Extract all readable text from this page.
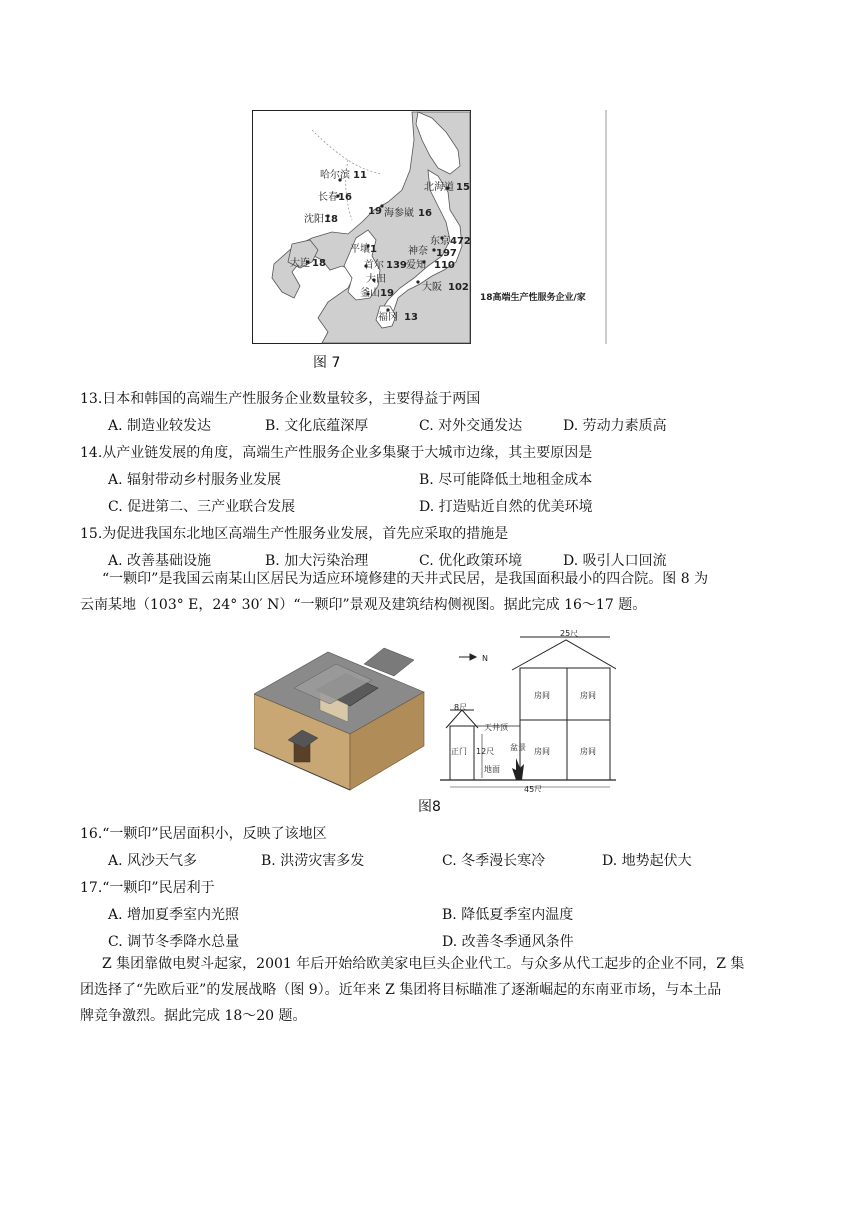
哈尔滨 11
长春 16
沈阳 18
大连 18
平壤 1
首尔 139
大田
釜山 19
海参崴 16
北海道 15
东京 472
神奈 197
爱知 110
大阪 102
福冈 13
19
18高端生产性服务企业/家
图 7
13.日本和韩国的高端生产性服务企业数量较多，主要得益于两国
A. 制造业较发达	B. 文化底蕴深厚	C. 对外交通发达	D. 劳动力素质高
14.从产业链发展的角度，高端生产性服务企业多集聚于大城市边缘，其主要原因是
A. 辐射带动乡村服务业发展	B. 尽可能降低土地租金成本
C. 促进第二、三产业联合发展	D. 打造贴近自然的优美环境
15.为促进我国东北地区高端生产性服务业发展，首先应采取的措施是
A. 改善基础设施	B. 加大污染治理	C. 优化政策环境	D. 吸引人口回流
“一颗印”是我国云南某山区居民为适应环境修建的天井式民居，是我国面积最小的四合院。图 8 为
云南某地（103° E，24° 30′ N）“一颗印”景观及建筑结构侧视图。据此完成 16～17 题。
N
25尺
房间	房间
房间	房间
8尺
正门
天井顶
12尺
地面
盆景
45尺
图8
16.“一颗印”民居面积小，反映了该地区
A. 风沙天气多	B. 洪涝灾害多发	C. 冬季漫长寒冷	D. 地势起伏大
17.“一颗印”民居利于
A. 增加夏季室内光照	B. 降低夏季室内温度
C. 调节冬季降水总量	D. 改善冬季通风条件
Z 集团靠做电熨斗起家，2001 年后开始给欧美家电巨头企业代工。与众多从代工起步的企业不同，Z 集
团选择了“先欧后亚”的发展战略（图 9）。近年来 Z 集团将目标瞄准了逐渐崛起的东南亚市场，与本土品
牌竞争激烈。据此完成 18～20 题。
